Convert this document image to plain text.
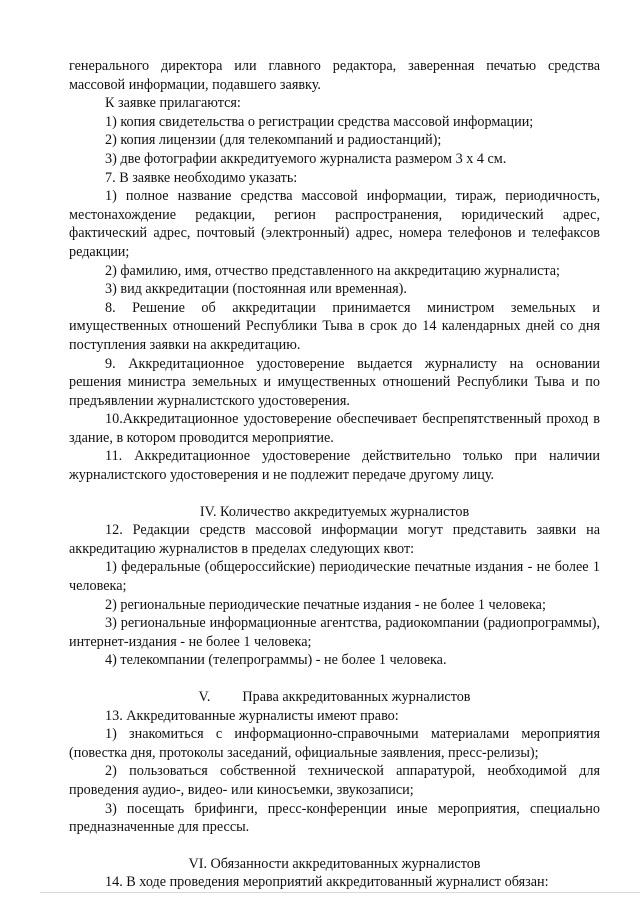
генерального директора или главного редактора, заверенная печатью средства массовой информации, подавшего заявку.

К заявке прилагаются:

1) копия свидетельства о регистрации средства массовой информации;

2) копия лицензии (для телекомпаний и радиостанций);

3) две фотографии аккредитуемого журналиста размером 3 х 4 см.

7. В заявке необходимо указать:

1) полное название средства массовой информации, тираж, периодичность, местонахождение редакции, регион распространения, юридический адрес, фактический адрес, почтовый (электронный) адрес, номера телефонов и телефаксов редакции;

2) фамилию, имя, отчество представленного на аккредитацию журналиста;

3) вид аккредитации (постоянная или временная).

8. Решение об аккредитации принимается министром земельных и имущественных отношений Республики Тыва в срок до 14 календарных дней со дня поступления заявки на аккредитацию.

9. Аккредитационное удостоверение выдается журналисту на основании решения министра земельных и имущественных отношений Республики Тыва и по предъявлении журналистского удостоверения.

10.Аккредитационное удостоверение обеспечивает беспрепятственный проход в здание, в котором проводится мероприятие.

11. Аккредитационное удостоверение действительно только при наличии журналистского удостоверения и не подлежит передаче другому лицу.

IV. Количество аккредитуемых журналистов

12. Редакции средств массовой информации могут представить заявки на аккредитацию журналистов в пределах следующих квот:

1) федеральные (общероссийские) периодические печатные издания - не более 1 человека;

2) региональные периодические печатные издания - не более 1 человека;

3) региональные информационные агентства, радиокомпании (радиопрограммы), интернет-издания - не более 1 человека;

4) телекомпании (телепрограммы) - не более 1 человека.

V.         Права аккредитованных журналистов

13. Аккредитованные журналисты имеют право:

1) знакомиться с информационно-справочными материалами мероприятия (повестка дня, протоколы заседаний, официальные заявления, пресс-релизы);

2) пользоваться собственной технической аппаратурой, необходимой для проведения аудио-, видео- или киносъемки, звукозаписи;

3) посещать брифинги, пресс-конференции иные мероприятия, специально предназначенные для прессы.

VI. Обязанности аккредитованных журналистов

14. В ходе проведения мероприятий аккредитованный журналист обязан:
